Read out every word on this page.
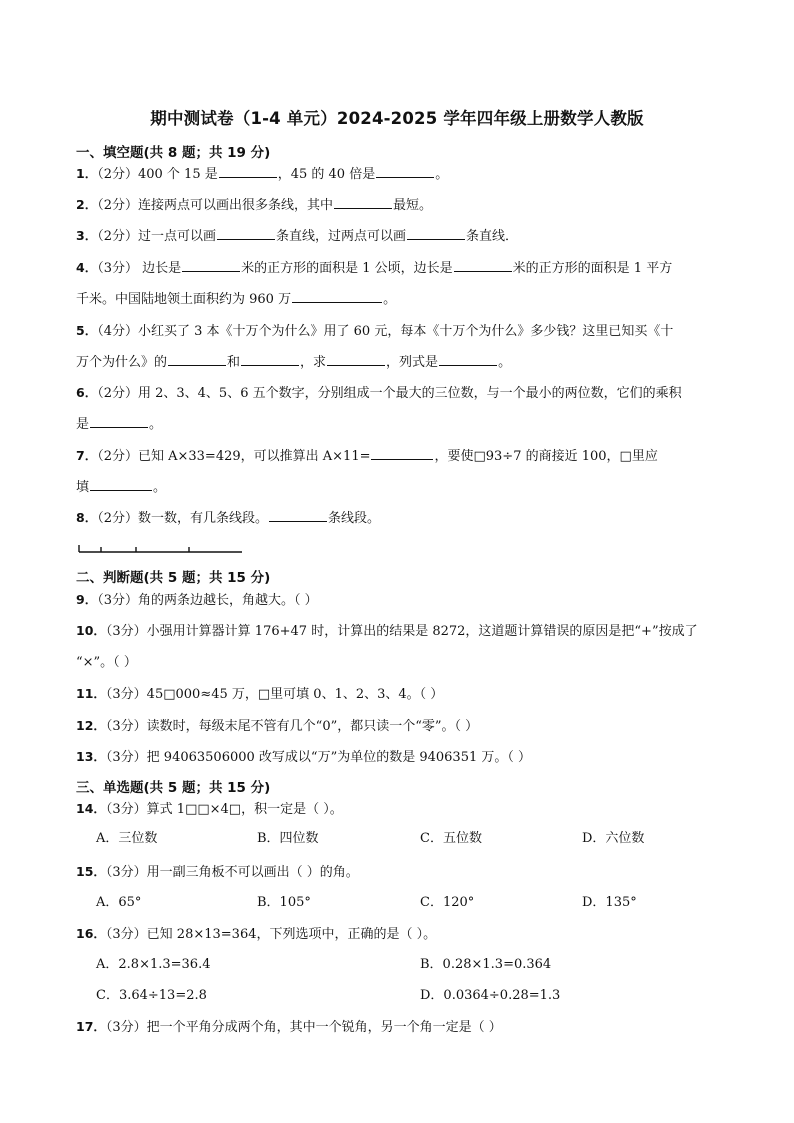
期中测试卷（1-4 单元）2024-2025 学年四年级上册数学人教版
一、填空题(共 8 题；共 19 分)
1．（2分）400 个 15 是	，45 的 40 倍是	。
2．（2分）连接两点可以画出很多条线，其中	最短。
3．（2分）过一点可以画	条直线，过两点可以画	条直线．
4．（3分） 边长是	米的正方形的面积是 1 公顷，边长是	米的正方形的面积是 1 平方
千米。中国陆地领土面积约为 960 万	。
5．（4分）小红买了 3 本《十万个为什么》用了 60 元，每本《十万个为什么》多少钱？这里已知买《十
万个为什么》的	和	，求	，列式是	。
6．（2分）用 2、3、4、5、6 五个数字，分别组成一个最大的三位数，与一个最小的两位数，它们的乘积
是	。
7．（2分）已知 A×33=429，可以推算出 A×11=	，要使□93÷7 的商接近 100，□里应
填	。
8．（2分）数一数，有几条线段。	条线段。
二、判断题(共 5 题；共 15 分)
9．（3分）角的两条边越长，角越大。（ ）
10．（3分）小强用计算器计算 176+47 时，计算出的结果是 8272，这道题计算错误的原因是把“+”按成了
“×”。（ ）
11．（3分）45□000≈45 万，□里可填 0、1、2、3、4。（ ）
12．（3分）读数时，每级末尾不管有几个“0”，都只读一个“零”。（ ）
13．（3分）把 94063506000 改写成以“万”为单位的数是 9406351 万。（ ）
三、单选题(共 5 题；共 15 分)
14．（3分）算式 1□□×4□，积一定是（ ）。
A．三位数	B．四位数	C．五位数	D．六位数
15．（3分）用一副三角板不可以画出（ ）的角。
A．65°	B．105°	C．120°	D．135°
16．（3分）已知 28×13=364，下列选项中，正确的是（ ）。
A．2.8×1.3=36.4	B．0.28×1.3=0.364
C．3.64÷13=2.8	D．0.0364÷0.28=1.3
17．（3分）把一个平角分成两个角，其中一个锐角，另一个角一定是（ ）
